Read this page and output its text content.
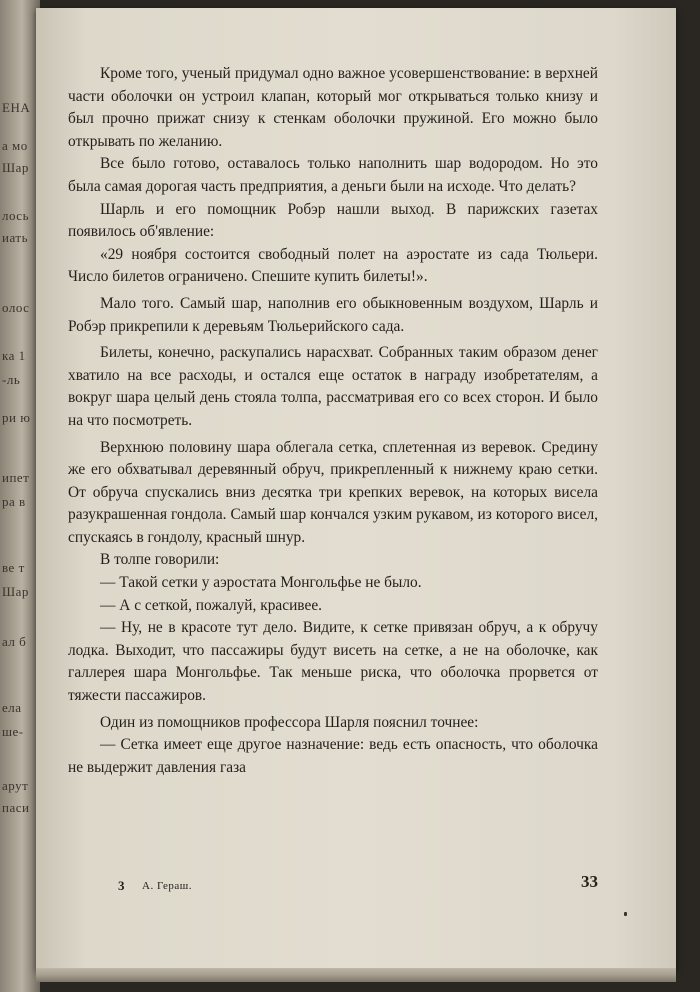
ЕНА
а мо
Шар
лось
иать
олос
ка 1
-ль
ри ю
ипет
ра в
ве т
Шар
ал б
ела
ше-
арут
паси

Кроме того, ученый придумал одно важное усовершенствование: в верхней части оболочки он устроил клапан, который мог открываться только книзу и был прочно прижат снизу к стенкам оболочки пружиной. Его можно было открывать по желанию.

Все было готово, оставалось только наполнить шар водородом. Но это была самая дорогая часть предприятия, а деньги были на исходе. Что делать?

Шарль и его помощник Робэр нашли выход. В парижских газетах появилось об'явление:

«29 ноября состоится свободный полет на аэростате из сада Тюльери. Число билетов ограничено. Спешите купить билеты!».

Мало того. Самый шар, наполнив его обыкновенным воздухом, Шарль и Робэр прикрепили к деревьям Тюльерийского сада.

Билеты, конечно, раскупались нарасхват. Собранных таким образом денег хватило на все расходы, и остался еще остаток в награду изобретателям, а вокруг шара целый день стояла толпа, рассматривая его со всех сторон. И было на что посмотреть.

Верхнюю половину шара облегала сетка, сплетенная из веревок. Средину же его обхватывал деревянный обруч, прикрепленный к нижнему краю сетки. От обруча спускались вниз десятка три крепких веревок, на которых висела разукрашенная гондола. Самый шар кончался узким рукавом, из которого висел, спускаясь в гондолу, красный шнур.

В толпе говорили:

— Такой сетки у аэростата Монгольфье не было.

— А с сеткой, пожалуй, красивее.

— Ну, не в красоте тут дело. Видите, к сетке привязан обруч, а к обручу лодка. Выходит, что пассажиры будут висеть на сетке, а не на оболочке, как галлерея шара Монгольфье. Так меньше риска, что оболочка прорвется от тяжести пассажиров.

Один из помощников профессора Шарля пояснил точнее:

— Сетка имеет еще другое назначение: ведь есть опасность, что оболочка не выдержит давления газа

3 А. Гераш.	33
